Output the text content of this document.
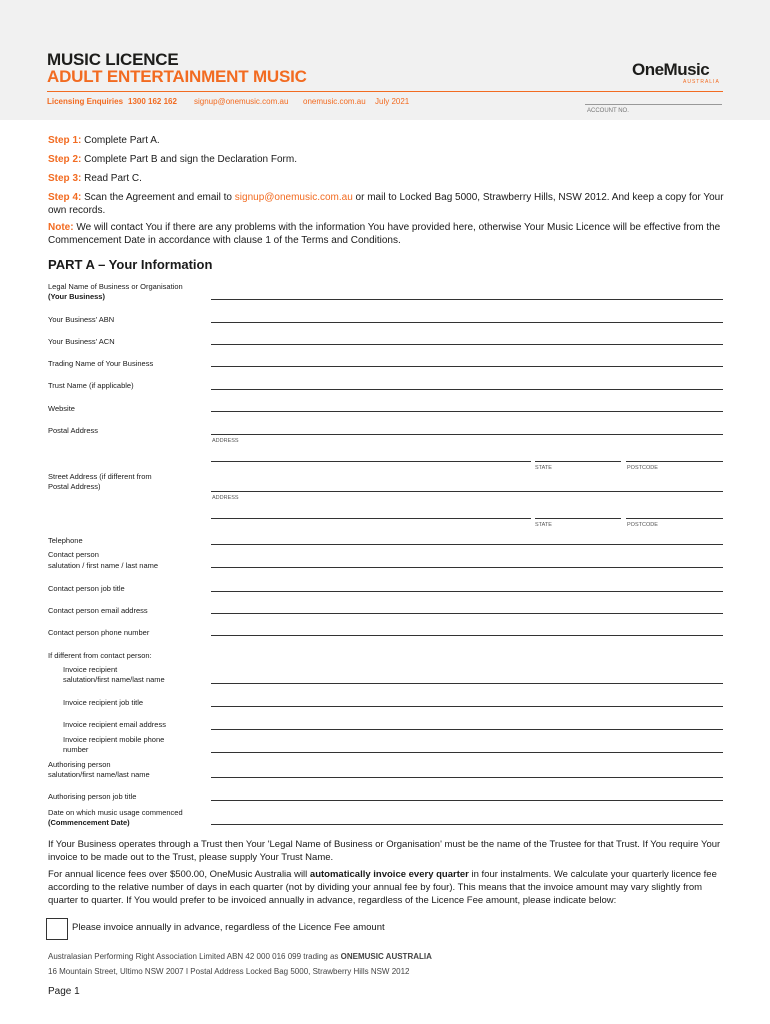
MUSIC LICENCE
ADULT ENTERTAINMENT MUSIC
Licensing Enquiries 1300 162 162 signup@onemusic.com.au onemusic.com.au July 2021
OneMusic
AUSTRALIA
ACCOUNT NO.
Step 1: Complete Part A.
Step 2: Complete Part B and sign the Declaration Form.
Step 3: Read Part C.
Step 4: Scan the Agreement and email to signup@onemusic.com.au or mail to Locked Bag 5000, Strawberry Hills, NSW 2012. And keep a copy for Your own records.
Note: We will contact You if there are any problems with the information You have provided here, otherwise Your Music Licence will be effective from the Commencement Date in accordance with clause 1 of the Terms and Conditions.
PART A – Your Information
Legal Name of Business or Organisation
(Your Business)
Your Business' ABN
Your Business' ACN
Trading Name of Your Business
Trust Name (if applicable)
Website
Postal Address
ADDRESS
STATE	POSTCODE
Street Address (if different from
Postal Address)
ADDRESS
STATE	POSTCODE
Telephone
Contact person
salutation / first name / last name
Contact person job title
Contact person email address
Contact person phone number
If different from contact person:
Invoice recipient
salutation/first name/last name
Invoice recipient job title
Invoice recipient email address
Invoice recipient mobile phone
number
Authorising person
salutation/first name/last name
Authorising person job title
Date on which music usage commenced
(Commencement Date)
If Your Business operates through a Trust then Your 'Legal Name of Business or Organisation' must be the name of the Trustee for that Trust. If You require Your invoice to be made out to the Trust, please supply Your Trust Name.
For annual licence fees over $500.00, OneMusic Australia will automatically invoice every quarter in four instalments. We calculate your quarterly licence fee according to the relative number of days in each quarter (not by dividing your annual fee by four). This means that the invoice amount may vary slightly from quarter to quarter. If You would prefer to be invoiced annually in advance, regardless of the Licence Fee amount, please indicate below:
Please invoice annually in advance, regardless of the Licence Fee amount
Australasian Performing Right Association Limited ABN 42 000 016 099 trading as ONEMUSIC AUSTRALIA
16 Mountain Street, Ultimo NSW 2007 I Postal Address Locked Bag 5000, Strawberry Hills NSW 2012
Page 1
